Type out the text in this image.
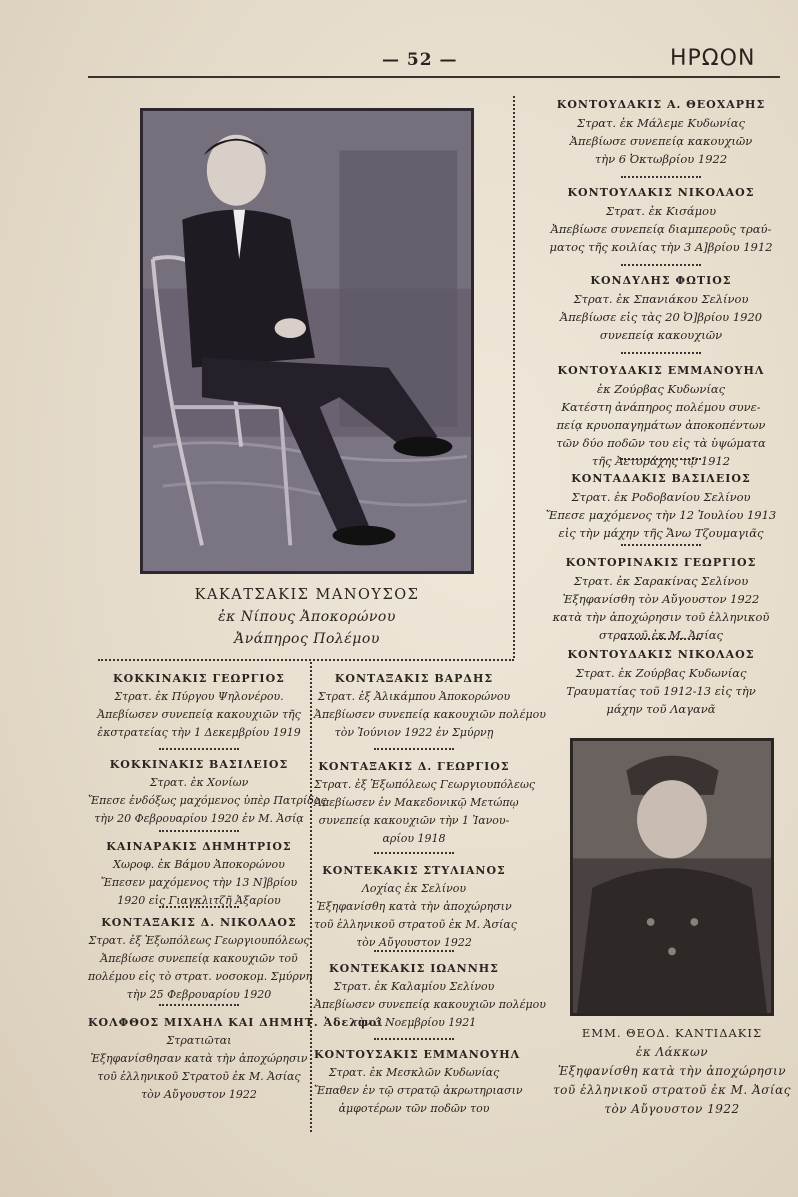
— 52 —	ΗΡΩΟΝ
ΚΑΚΑΤΣΑΚΙΣ ΜΑΝΟΥΣΟΣ
ἐκ Νίπους Ἀποκορώνου
Ἀνάπηρος Πολέμου
ΚΟΝΤΟΥΔΑΚΙΣ Α. ΘΕΟΧΑΡΗΣ
Στρατ. ἐκ Μάλεμε Κυδωνίας
Ἀπεβίωσε συνεπείᾳ κακουχιῶν
τὴν 6 Ὀκτωβρίου 1922
ΚΟΝΤΟΥΛΑΚΙΣ ΝΙΚΟΛΑΟΣ
Στρατ. ἐκ Κισάμου
Ἀπεβίωσε συνεπείᾳ διαμπεροῦς τραύ-
ματος τῆς κοιλίας τὴν 3 Α]βρίου 1912
ΚΟΝΔΥΛΗΣ ΦΩΤΙΟΣ
Στρατ. ἐκ Σπανιάκου Σελίνου
Ἀπεβίωσε εἰς τὰς 20 Ὀ]βρίου 1920
συνεπείᾳ κακουχιῶν
ΚΟΝΤΟΥΔΑΚΙΣ ΕΜΜΑΝΟΥΗΛ
ἐκ Ζούρβας Κυδωνίας
Κατέστη ἀνάπηρος πολέμου συνε-
πείᾳ κρυοπαγημάτων ἀποκοπέντων
τῶν δύο ποδῶν του εἰς τὰ ὑψώματα
τῆς Ἀετοράχης τῷ 1912
ΚΟΝΤΑΔΑΚΙΣ ΒΑΣΙΛΕΙΟΣ
Στρατ. ἐκ Ροδοβανίου Σελίνου
Ἔπεσε μαχόμενος τὴν 12 Ἰουλίου 1913
εἰς τὴν μάχην τῆς Ἄνω Τζουμαγιᾶς
ΚΟΝΤΟΡΙΝΑΚΙΣ ΓΕΩΡΓΙΟΣ
Στρατ. ἐκ Σαρακίνας Σελίνου
Ἐξηφανίσθη τὸν Αὔγουστον 1922
κατὰ τὴν ἀποχώρησιν τοῦ ἑλληνικοῦ
στρατοῦ ἐκ Μ. Ἀσίας
ΚΟΝΤΟΥΔΑΚΙΣ ΝΙΚΟΛΑΟΣ
Στρατ. ἐκ Ζούρβας Κυδωνίας
Τραυματίας τοῦ 1912-13 εἰς τὴν
μάχην τοῦ Λαγανᾶ
ΚΟΚΚΙΝΑΚΙΣ ΓΕΩΡΓΙΟΣ
Στρατ. ἐκ Πύργου Ψηλονέρου.
Ἀπεβίωσεν συνεπείᾳ κακουχιῶν τῆς
ἐκστρατείας τὴν 1 Δεκεμβρίου 1919
ΚΟΚΚΙΝΑΚΙΣ ΒΑΣΙΛΕΙΟΣ
Στρατ. ἐκ Χονίων
Ἔπεσε ἐνδόξως μαχόμενος ὑπὲρ Πατρίδος
τὴν 20 Φεβρουαρίου 1920 ἐν Μ. Ἀσίᾳ
ΚΑΙΝΑΡΑΚΙΣ ΔΗΜΗΤΡΙΟΣ
Χωροφ. ἐκ Βάμου Ἀποκορώνου
Ἔπεσεν μαχόμενος τὴν 13 Ν]βρίου
1920 εἰς Γιαγκλιτζῆ Ἀξαρίου
ΚΟΝΤΑΞΑΚΙΣ Δ. ΝΙΚΟΛΑΟΣ
Στρατ. ἐξ Ἐξωπόλεως Γεωργιουπόλεως
Ἀπεβίωσε συνεπείᾳ κακουχιῶν τοῦ
πολέμου εἰς τὸ στρατ. νοσοκομ. Σμύρνη
τὴν 25 Φεβρουαρίου 1920
ΚΟΛΦΘΟΣ ΜΙΧΑΗΛ ΚΑΙ ΔΗΜΗΤ. Ἀδελφοὶ
Στρατιῶται
Ἐξηφανίσθησαν κατὰ τὴν ἀποχώρησιν
τοῦ ἑλληνικοῦ Στρατοῦ ἐκ Μ. Ἀσίας
τὸν Αὔγουστον 1922
ΚΟΝΤΑΞΑΚΙΣ ΒΑΡΔΗΣ
Στρατ. ἐξ Ἀλικάμπου Ἀποκορώνου
Ἀπεβίωσεν συνεπείᾳ κακουχιῶν πολέμου
τὸν Ἰούνιον 1922 ἐν Σμύρνῃ
ΚΟΝΤΑΞΑΚΙΣ Δ. ΓΕΩΡΓΙΟΣ
Στρατ. ἐξ Ἐξωπόλεως Γεωργιουπόλεως
Ἀπεβίωσεν ἐν Μακεδονικῷ Μετώπῳ
συνεπείᾳ κακουχιῶν τὴν 1 Ἰανου-
αρίου 1918
ΚΟΝΤΕΚΑΚΙΣ ΣΤΥΛΙΑΝΟΣ
Λοχίας ἐκ Σελίνου
Ἐξηφανίσθη κατὰ τὴν ἀποχώρησιν
τοῦ ἑλληνικοῦ στρατοῦ ἐκ Μ. Ἀσίας
τὸν Αὔγουστον 1922
ΚΟΝΤΕΚΑΚΙΣ ΙΩΑΝΝΗΣ
Στρατ. ἐκ Καλαμίου Σελίνου
Ἀπεβίωσεν συνεπείᾳ κακουχιῶν πολέμου
τὴν 3 Νοεμβρίου 1921
ΚΟΝΤΟΥΣΑΚΙΣ ΕΜΜΑΝΟΥΗΛ
Στρατ. ἐκ Μεσκλῶν Κυδωνίας
Ἔπαθεν ἐν τῷ στρατῷ ἀκρωτηριασιν
ἀμφοτέρων τῶν ποδῶν του
ΕΜΜ. ΘΕΟΔ. ΚΑΝΤΙΔΑΚΙΣ
ἐκ Λάκκων
Ἐξηφανίσθη κατὰ τὴν ἀποχώρησιν
τοῦ ἑλληνικοῦ στρατοῦ ἐκ Μ. Ἀσίας
τὸν Αὔγουστον 1922
